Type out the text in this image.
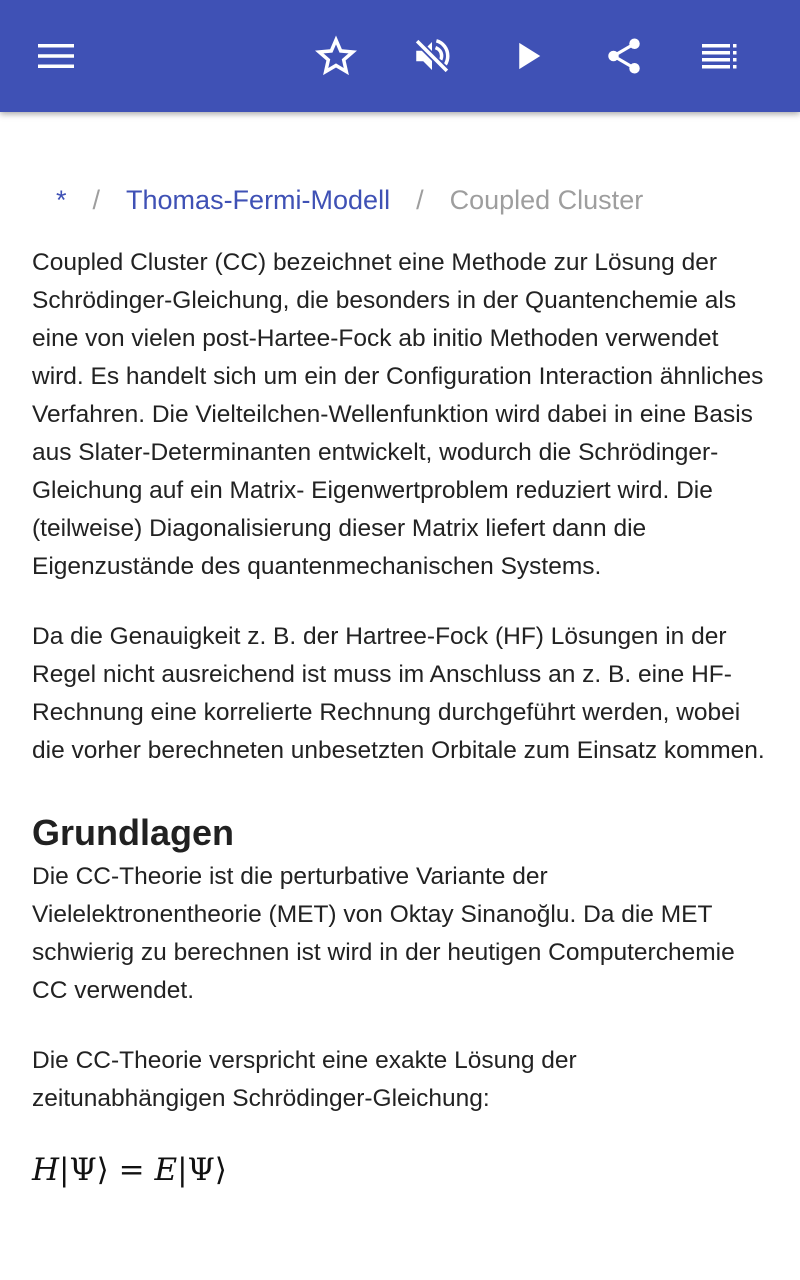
* / Thomas-Fermi-Modell / Coupled Cluster

Coupled Cluster (CC) bezeichnet eine Methode zur Lösung der Schrödinger-Gleichung, die besonders in der Quantenchemie als eine von vielen post-Hartee-Fock ab initio Methoden verwendet wird. Es handelt sich um ein der Configuration Interaction ähnliches Verfahren. Die Vielteilchen-Wellenfunktion wird dabei in eine Basis aus Slater-Determinanten entwickelt, wodurch die Schrödinger-Gleichung auf ein Matrix- Eigenwertproblem reduziert wird. Die (teilweise) Diagonalisierung dieser Matrix liefert dann die Eigenzustände des quantenmechanischen Systems.

Da die Genauigkeit z. B. der Hartree-Fock (HF) Lösungen in der Regel nicht ausreichend ist muss im Anschluss an z. B. eine HF-Rechnung eine korrelierte Rechnung durchgeführt werden, wobei die vorher berechneten unbesetzten Orbitale zum Einsatz kommen.

Grundlagen

Die CC-Theorie ist die perturbative Variante der Vielelektronentheorie (MET) von Oktay Sinanoğlu. Da die MET schwierig zu berechnen ist wird in der heutigen Computerchemie CC verwendet.

Die CC-Theorie verspricht eine exakte Lösung der zeitunabhängigen Schrödinger-Gleichung:

H|Ψ⟩ = E|Ψ⟩
